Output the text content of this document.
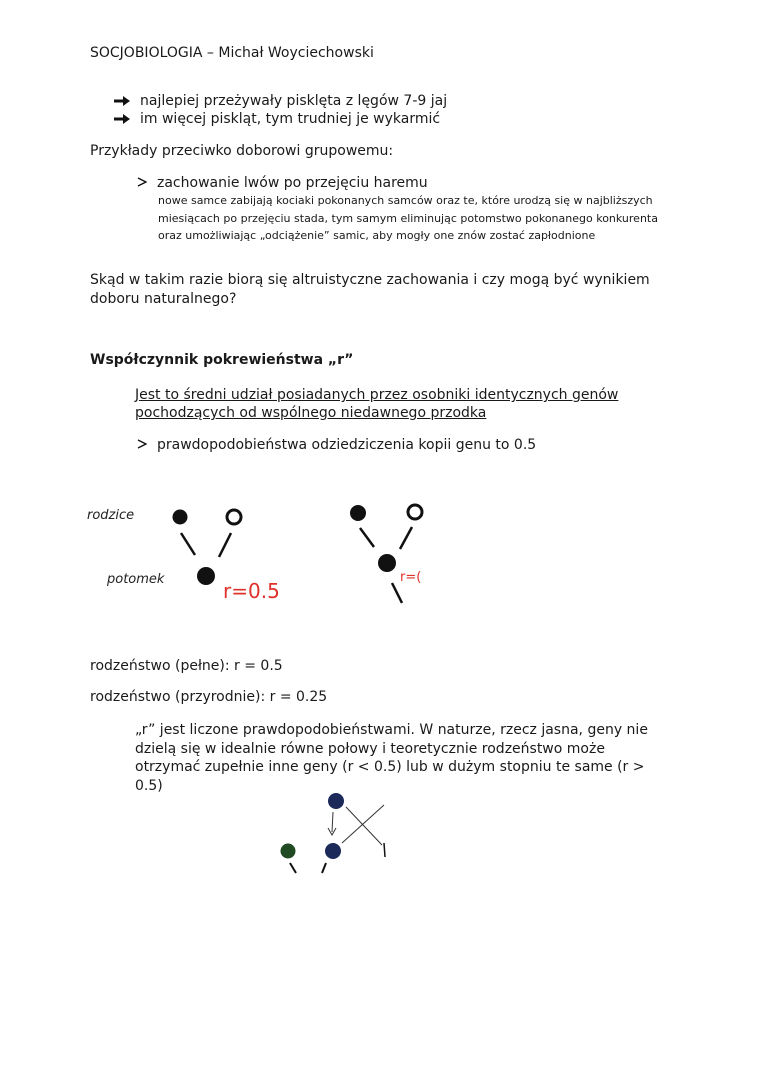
SOCJOBIOLOGIA – Michał Woyciechowski
najlepiej przeżywały pisklęta z lęgów 7-9 jaj
im więcej piskląt, tym trudniej je wykarmić
Przykłady przeciwko doborowi grupowemu:
zachowanie lwów po przejęciu haremu
nowe samce zabijają kociaki pokonanych samców oraz te, które urodzą się w najbliższych miesiącach po przejęciu stada, tym samym eliminując potomstwo pokonanego konkurenta oraz umożliwiając „odciążenie” samic, aby mogły one znów zostać zapłodnione
Skąd w takim razie biorą się altruistyczne zachowania i czy mogą być wynikiem doboru naturalnego?
Współczynnik pokrewieństwa „r”
Jest to średni udział posiadanych przez osobniki identycznych genów pochodzących od wspólnego niedawnego przodka
prawdopodobieństwa odziedziczenia kopii genu to 0.5
rodzice
potomek	r=0.5
r=(
rodzeństwo (pełne): r = 0.5
rodzeństwo (przyrodnie): r = 0.25
„r” jest liczone prawdopodobieństwami. W naturze, rzecz jasna, geny nie dzielą się w idealnie równe połowy i teoretycznie rodzeństwo może otrzymać zupełnie inne geny (r < 0.5) lub w dużym stopniu te same (r > 0.5)
